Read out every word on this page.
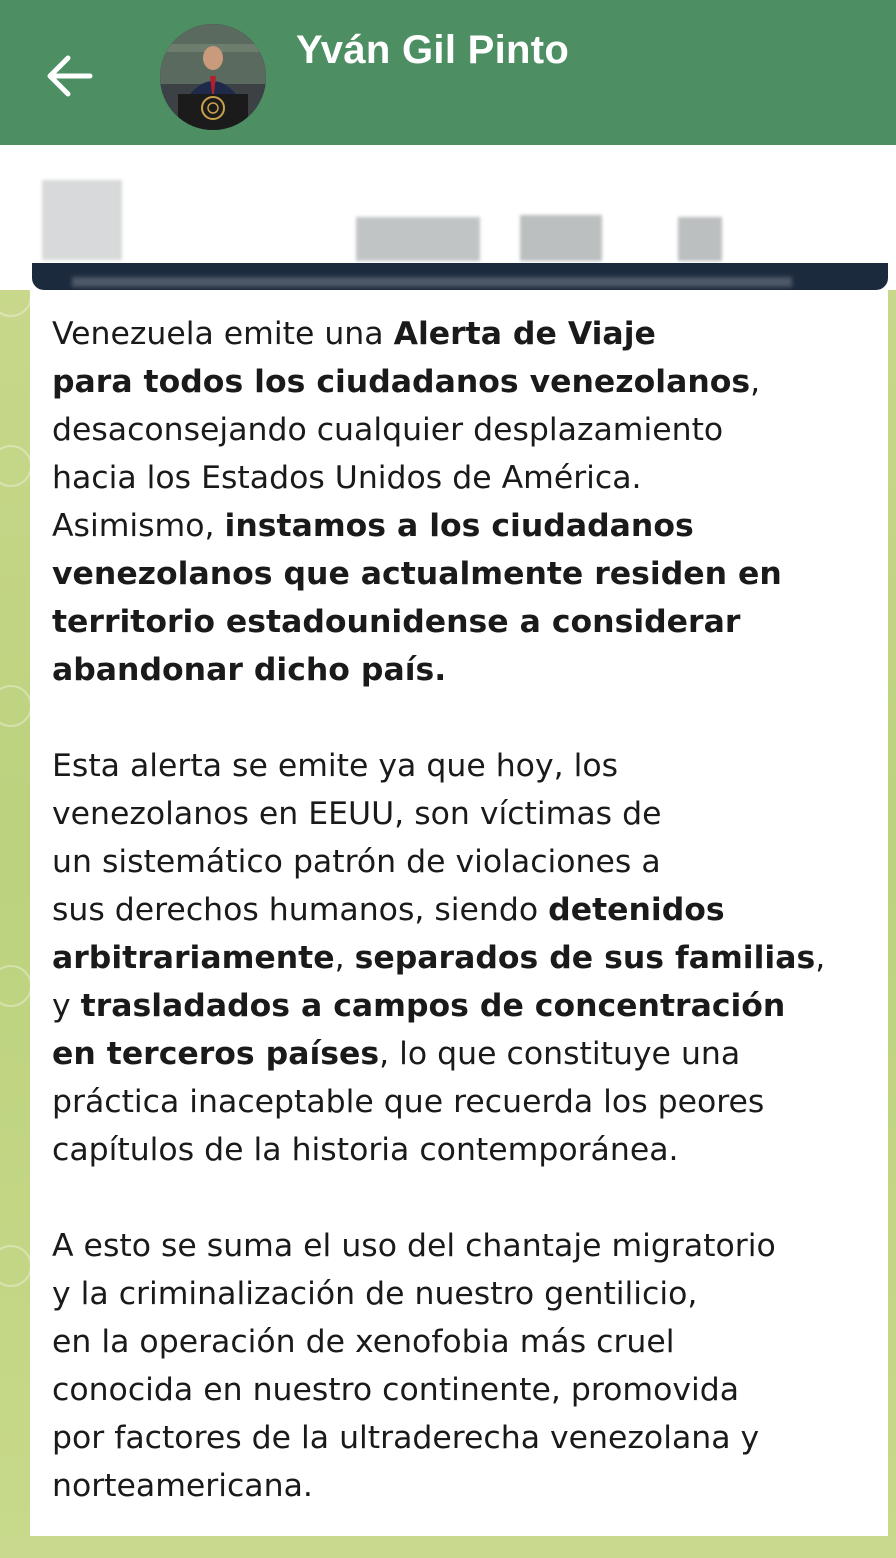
Yván Gil Pinto

Venezuela emite una Alerta de Viaje
para todos los ciudadanos venezolanos,
desaconsejando cualquier desplazamiento
hacia los Estados Unidos de América.
Asimismo, instamos a los ciudadanos
venezolanos que actualmente residen en
territorio estadounidense a considerar
abandonar dicho país.

Esta alerta se emite ya que hoy, los
venezolanos en EEUU, son víctimas de
un sistemático patrón de violaciones a
sus derechos humanos, siendo detenidos
arbitrariamente, separados de sus familias,
y trasladados a campos de concentración
en terceros países, lo que constituye una
práctica inaceptable que recuerda los peores
capítulos de la historia contemporánea.

A esto se suma el uso del chantaje migratorio
y la criminalización de nuestro gentilicio,
en la operación de xenofobia más cruel
conocida en nuestro continente, promovida
por factores de la ultraderecha venezolana y
norteamericana.
